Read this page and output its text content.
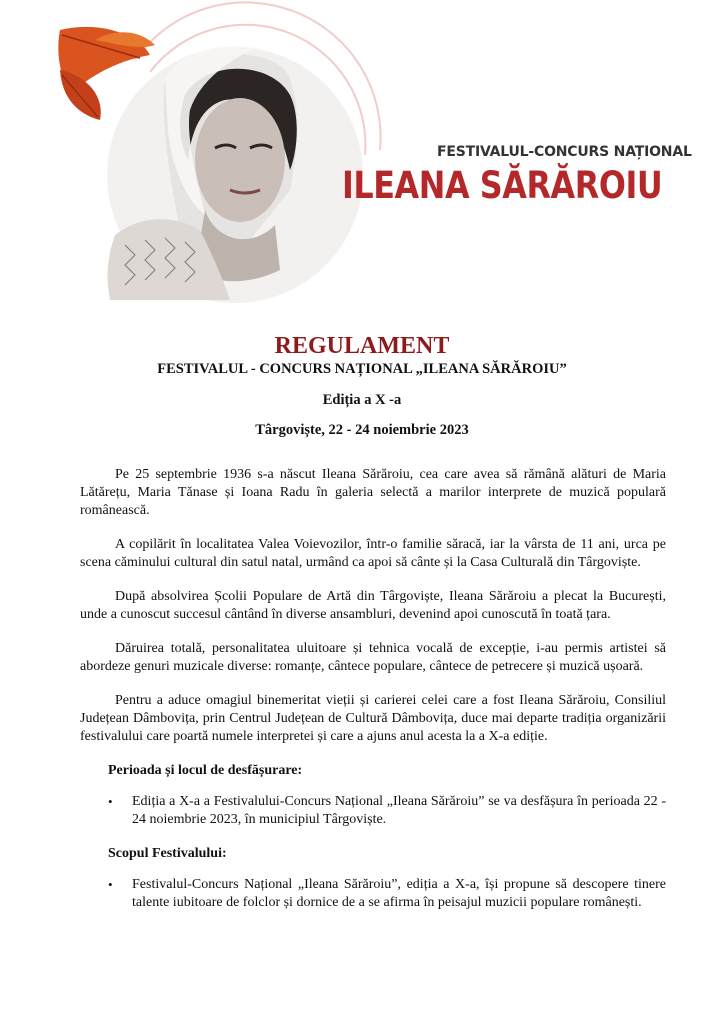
FESTIVALUL-CONCURS NAȚIONAL
ILEANA SĂRĂROIU
REGULAMENT
FESTIVALUL - CONCURS NAȚIONAL „ILEANA SĂRĂROIU”
Ediția a X -a
Târgoviște, 22 - 24 noiembrie 2023

Pe 25 septembrie 1936 s-a născut Ileana Sărăroiu, cea care avea să rămână alături de Maria Lătărețu, Maria Tănase și Ioana Radu în galeria selectă a marilor interprete de muzică populară românească.

A copilărit în localitatea Valea Voievozilor, într-o familie săracă, iar la vârsta de 11 ani, urca pe scena căminului cultural din satul natal, urmând ca apoi să cânte și la Casa Culturală din Târgoviște.

După absolvirea Școlii Populare de Artă din Târgoviște, Ileana Sărăroiu a plecat la București, unde a cunoscut succesul cântând în diverse ansambluri, devenind apoi cunoscută în toată țara.

Dăruirea totală, personalitatea uluitoare și tehnica vocală de excepție, i-au permis artistei să abordeze genuri muzicale diverse: romanțe, cântece populare, cântece de petrecere și muzică ușoară.

Pentru a aduce omagiul binemeritat vieții și carierei celei care a fost Ileana Sărăroiu, Consiliul Județean Dâmbovița, prin Centrul Județean de Cultură Dâmbovița, duce mai departe tradiția organizării festivalului care poartă numele interpretei și care a ajuns anul acesta la a X-a ediție.

Perioada și locul de desfășurare:
•	Ediția a X-a a Festivalului-Concurs Național „Ileana Sărăroiu” se va desfășura în perioada 22 - 24 noiembrie 2023, în municipiul Târgoviște.
Scopul Festivalului:
•	Festivalul-Concurs Național „Ileana Sărăroiu”, ediția a X-a, își propune să descopere tinere talente iubitoare de folclor și dornice de a se afirma în peisajul muzicii populare românești.
